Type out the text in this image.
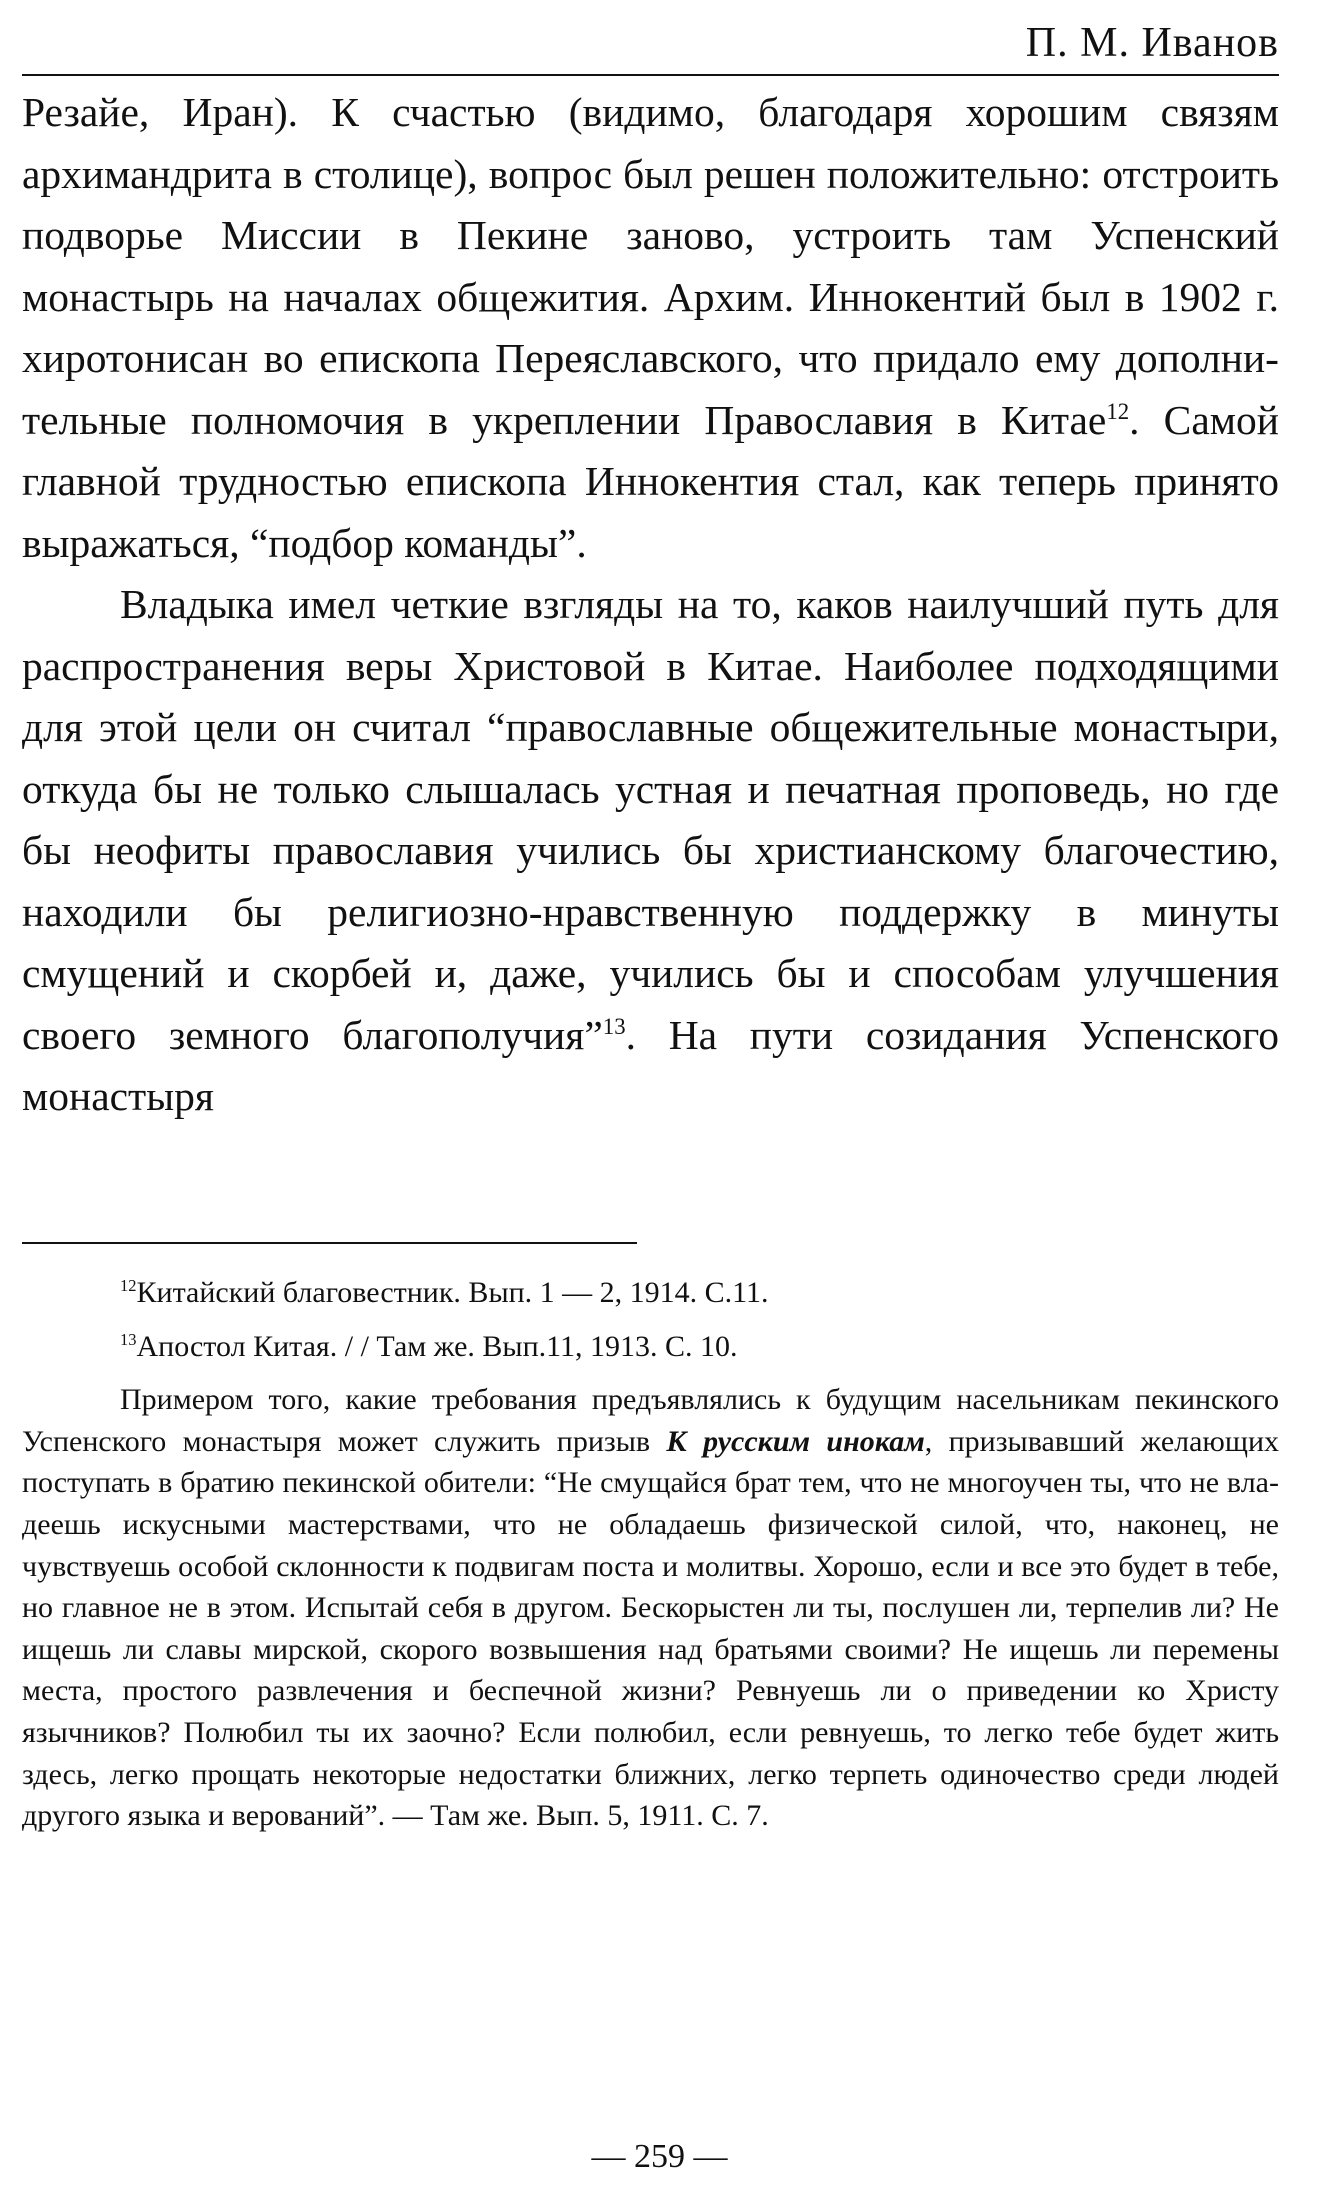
П. М. Иванов

Резайе, Иран). К счастью (видимо, благодаря хорошим связям архимандрита в столице), вопрос был решен положительно: отстроить подворье Миссии в Пекине заново, устроить там Успенский монастырь на началах общежития. Архим. Иннокентий был в 1902 г. хиротонисан во епископа Переяславского, что придало ему дополнительные полномочия в укреплении Православия в Китае$^{12}$. Самой главной трудностью епископа Иннокентия стал, как теперь принято выражаться, “подбор команды”.

Владыка имел четкие взгляды на то, каков наилучший путь для распространения веры Христовой в Китае. Наиболее подходящими для этой цели он считал “православные общежительные монастыри, откуда бы не только слышалась устная и печатная проповедь, но где бы неофиты православия учились бы христианскому благочестию, находили бы религиозно-нравственную поддержку в минуты смущений и скорбей и, даже, учились бы и способам улучшения своего земного благополучия”$^{13}$. На пути созидания Успенского монастыря

$^{12}$Китайский благовестник. Вып. 1 — 2, 1914. С.11.

$^{13}$Апостол Китая. / / Там же. Вып.11, 1913. С. 10.

Примером того, какие требования предъявлялись к будущим насельникам пекинского Успенского монастыря может служить призыв К русским инокам, призывавший желающих поступать в братию пекинской обители: “Не смущайся брат тем, что не многоучен ты, что не владеешь искусными мастерствами, что не обладаешь физической силой, что, наконец, не чувствуешь особой склонности к подвигам поста и молитвы. Хорошо, если и все это будет в тебе, но главное не в этом. Испытай себя в другом. Бескорыстен ли ты, послушен ли, терпелив ли? Не ищешь ли славы мирской, скорого возвышения над братьями своими? Не ищешь ли перемены места, простого развлечения и беспечной жизни? Ревнуешь ли о приведении ко Христу язычников? Полюбил ты их заочно? Если полюбил, если ревнуешь, то легко тебе будет жить здесь, легко прощать некоторые недостатки ближних, легко терпеть одиночество среди людей другого языка и верований”. — Там же. Вып. 5, 1911. С. 7.

— 259 —
